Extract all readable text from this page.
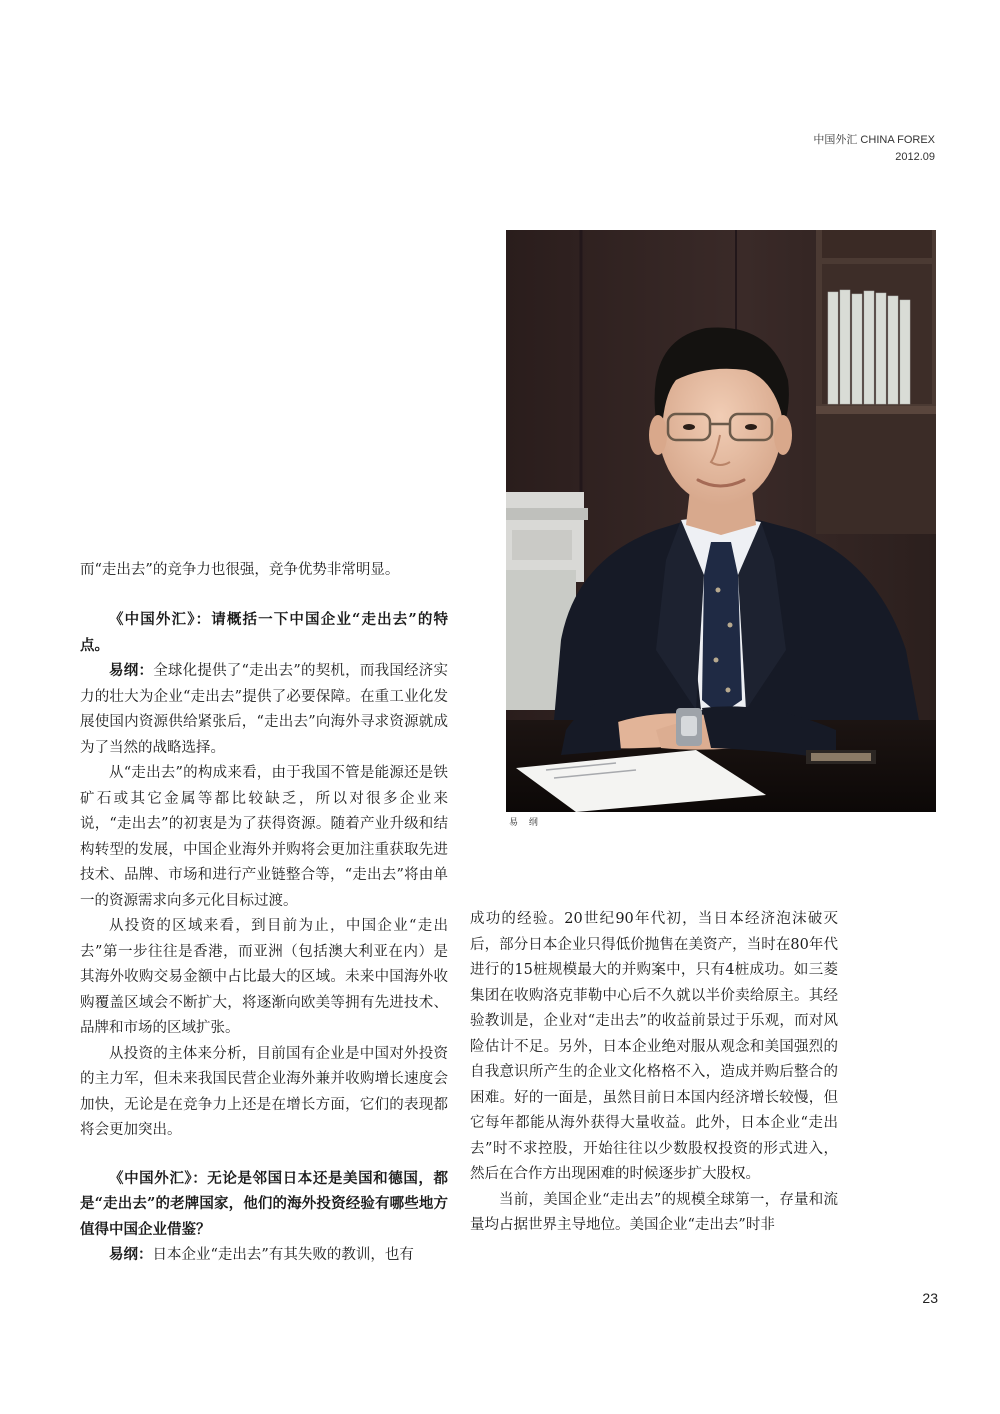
中国外汇 CHINA FOREX
2012.09
易 纲

而“走出去”的竞争力也很强，竞争优势非常明显。

《中国外汇》：请概括一下中国企业“走出去”的特点。

易纲：全球化提供了“走出去”的契机，而我国经济实力的壮大为企业“走出去”提供了必要保障。在重工业化发展使国内资源供给紧张后，“走出去”向海外寻求资源就成为了当然的战略选择。

从“走出去”的构成来看，由于我国不管是能源还是铁矿石或其它金属等都比较缺乏，所以对很多企业来说，“走出去”的初衷是为了获得资源。随着产业升级和结构转型的发展，中国企业海外并购将会更加注重获取先进技术、品牌、市场和进行产业链整合等，“走出去”将由单一的资源需求向多元化目标过渡。

从投资的区域来看，到目前为止，中国企业“走出去”第一步往往是香港，而亚洲（包括澳大利亚在内）是其海外收购交易金额中占比最大的区域。未来中国海外收购覆盖区域会不断扩大，将逐渐向欧美等拥有先进技术、品牌和市场的区域扩张。

从投资的主体来分析，目前国有企业是中国对外投资的主力军，但未来我国民营企业海外兼并收购增长速度会加快，无论是在竞争力上还是在增长方面，它们的表现都将会更加突出。

《中国外汇》：无论是邻国日本还是美国和德国，都是“走出去”的老牌国家，他们的海外投资经验有哪些地方值得中国企业借鉴？

易纲：日本企业“走出去”有其失败的教训，也有

成功的经验。20世纪90年代初，当日本经济泡沫破灭后，部分日本企业只得低价抛售在美资产，当时在80年代进行的15桩规模最大的并购案中，只有4桩成功。如三菱集团在收购洛克菲勒中心后不久就以半价卖给原主。其经验教训是，企业对“走出去”的收益前景过于乐观，而对风险估计不足。另外，日本企业绝对服从观念和美国强烈的自我意识所产生的企业文化格格不入，造成并购后整合的困难。好的一面是，虽然目前日本国内经济增长较慢，但它每年都能从海外获得大量收益。此外，日本企业“走出去”时不求控股，开始往往以少数股权投资的形式进入，然后在合作方出现困难的时候逐步扩大股权。

当前，美国企业“走出去”的规模全球第一，存量和流量均占据世界主导地位。美国企业“走出去”时非

23
